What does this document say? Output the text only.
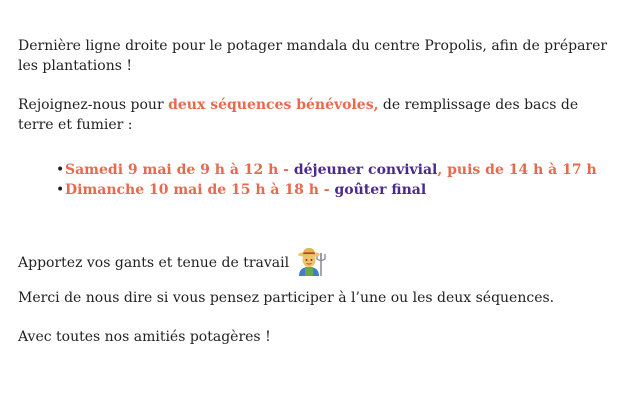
Dernière ligne droite pour le potager mandala du centre Propolis, afin de préparer les plantations !

Rejoignez-nous pour deux séquences bénévoles, de remplissage des bacs de terre et fumier :

•Samedi 9 mai de 9 h à 12 h - déjeuner convivial, puis de 14 h à 17 h
•Dimanche 10 mai de 15 h à 18 h - goûter final

Apportez vos gants et tenue de travail

Merci de nous dire si vous pensez participer à l’une ou les deux séquences.

Avec toutes nos amitiés potagères !
